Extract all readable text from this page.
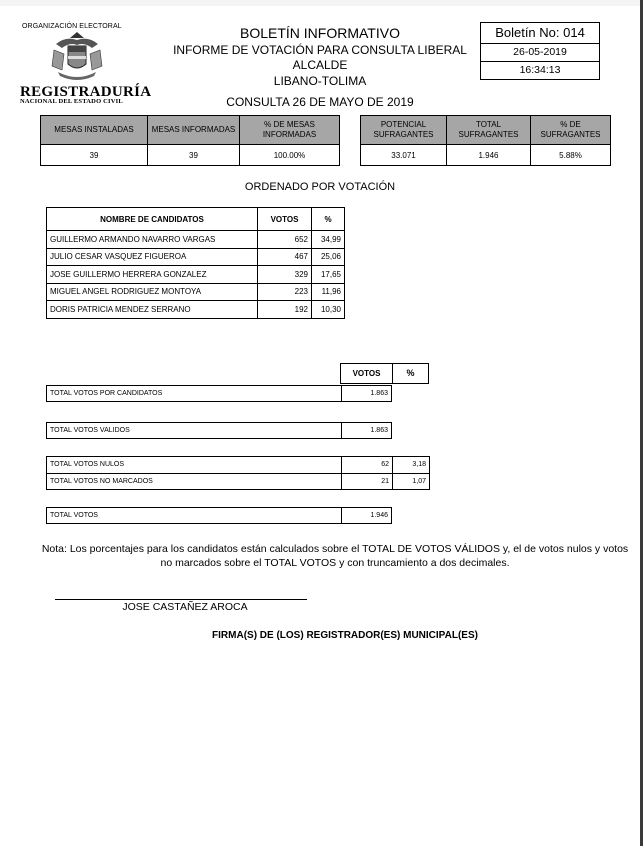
ORGANIZACIÓN ELECTORAL
REGISTRADURÍA
NACIONAL DEL ESTADO CIVIL
BOLETÍN INFORMATIVO
INFORME DE VOTACIÓN PARA CONSULTA LIBERAL
ALCALDE
LIBANO-TOLIMA
CONSULTA 26 DE MAYO DE 2019
Boletín No: 014
26-05-2019
16:34:13
MESAS INSTALADAS	MESAS INFORMADAS	% DE MESAS INFORMADAS
39	39	100.00%
POTENCIAL SUFRAGANTES	TOTAL SUFRAGANTES	% DE SUFRAGANTES
33.071	1.946	5.88%
ORDENADO POR VOTACIÓN
NOMBRE DE CANDIDATOS	VOTOS	%
GUILLERMO ARMANDO NAVARRO VARGAS	652	34,99
JULIO CESAR VASQUEZ FIGUEROA	467	25,06
JOSE GUILLERMO HERRERA GONZALEZ	329	17,65
MIGUEL ANGEL RODRIGUEZ MONTOYA	223	11,96
DORIS PATRICIA MENDEZ SERRANO	192	10,30
VOTOS	%
TOTAL VOTOS POR CANDIDATOS	1.863
TOTAL VOTOS VALIDOS	1.863
TOTAL VOTOS NULOS	62	3,18
TOTAL VOTOS NO MARCADOS	21	1,07
TOTAL VOTOS	1.946
Nota: Los porcentajes para los candidatos están calculados sobre el TOTAL DE VOTOS VÁLIDOS y, el de votos nulos y votos no marcados sobre el TOTAL VOTOS y con truncamiento a dos decimales.
JOSE CASTAÑEZ AROCA
FIRMA(S) DE (LOS) REGISTRADOR(ES) MUNICIPAL(ES)
